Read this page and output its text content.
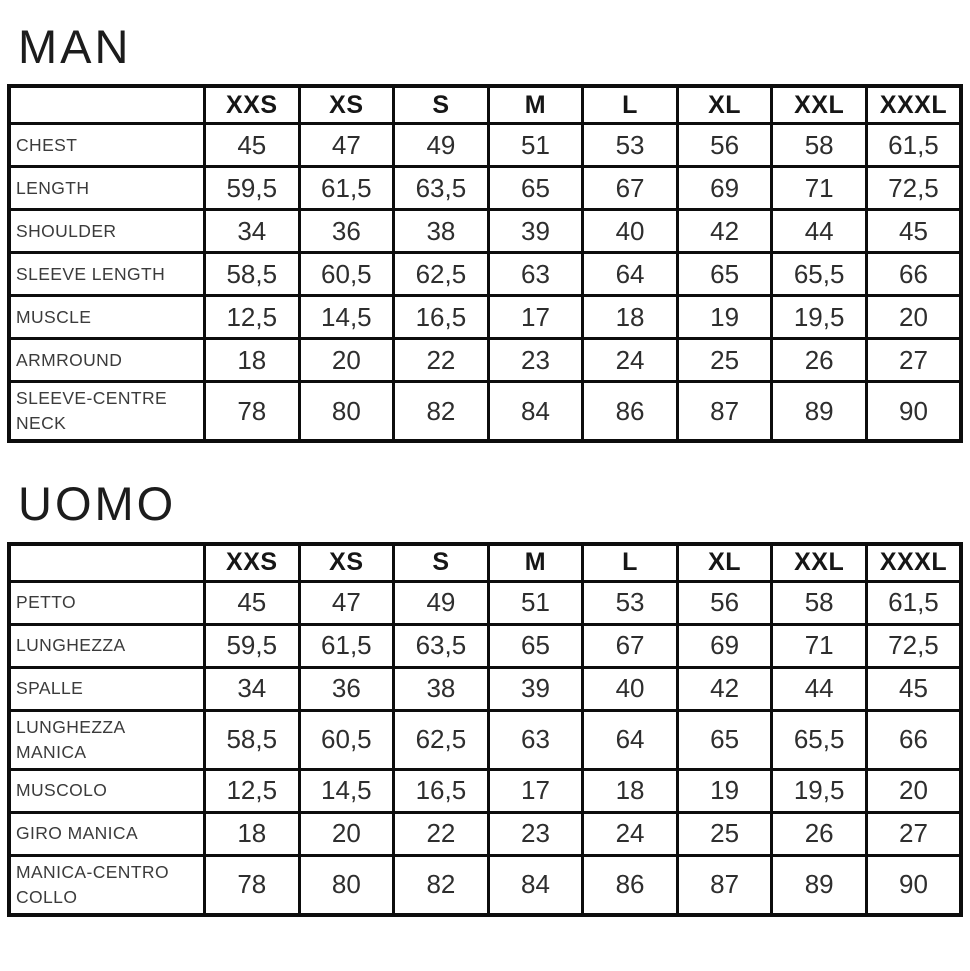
MAN
	XXS	XS	S	M	L	XL	XXL	XXXL
CHEST	45	47	49	51	53	56	58	61,5
LENGTH	59,5	61,5	63,5	65	67	69	71	72,5
SHOULDER	34	36	38	39	40	42	44	45
SLEEVE LENGTH	58,5	60,5	62,5	63	64	65	65,5	66
MUSCLE	12,5	14,5	16,5	17	18	19	19,5	20
ARMROUND	18	20	22	23	24	25	26	27
SLEEVE-CENTRE NECK	78	80	82	84	86	87	89	90
UOMO
	XXS	XS	S	M	L	XL	XXL	XXXL
PETTO	45	47	49	51	53	56	58	61,5
LUNGHEZZA	59,5	61,5	63,5	65	67	69	71	72,5
SPALLE	34	36	38	39	40	42	44	45
LUNGHEZZA MANICA	58,5	60,5	62,5	63	64	65	65,5	66
MUSCOLO	12,5	14,5	16,5	17	18	19	19,5	20
GIRO MANICA	18	20	22	23	24	25	26	27
MANICA-CENTRO COLLO	78	80	82	84	86	87	89	90
